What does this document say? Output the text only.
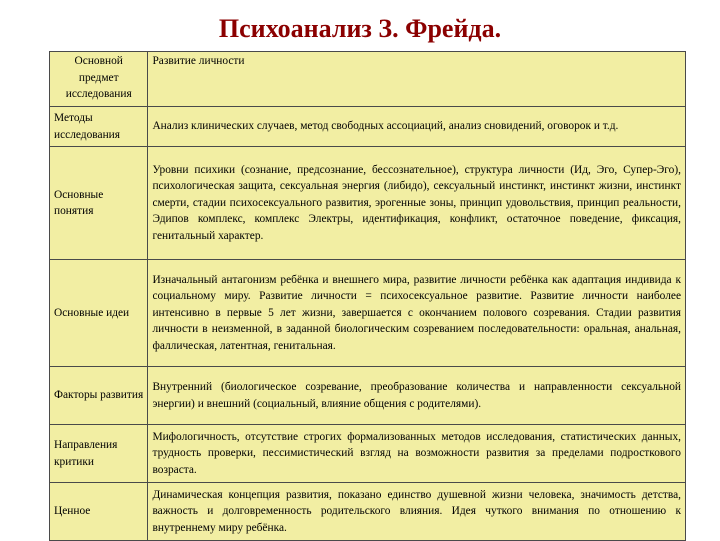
Психоанализ З. Фрейда.
Основной предмет исследования	Развитие личности
Методы исследования	Анализ клинических случаев, метод свободных ассоциаций, анализ сновидений, оговорок и т.д.
Основные понятия	Уровни психики (сознание, предсознание, бессознательное), структура личности (Ид, Эго, Супер-Эго), психологическая защита, сексуальная энергия (либидо), сексуальный инстинкт, инстинкт жизни, инстинкт смерти, стадии психосексуального развития, эрогенные зоны, принцип удовольствия, принцип реальности, Эдипов комплекс, комплекс Электры, идентификация, конфликт, остаточное поведение, фиксация, генитальный характер.
Основные идеи	Изначальный антагонизм ребёнка и внешнего мира, развитие личности ребёнка как адаптация индивида к социальному миру. Развитие личности = психосексуальное развитие. Развитие личности наиболее интенсивно в первые 5 лет жизни, завершается с окончанием полового созревания. Стадии развития личности в неизменной, в заданной биологическим созреванием последовательности: оральная, анальная, фаллическая, латентная, генитальная.
Факторы развития	Внутренний (биологическое созревание, преобразование количества и направленности сексуальной энергии) и внешний (социальный, влияние общения с родителями).
Направления критики	Мифологичность, отсутствие строгих формализованных методов исследования, статистических данных, трудность проверки, пессимистический взгляд на возможности развития за пределами подросткового возраста.
Ценное	Динамическая концепция развития, показано единство душевной жизни человека, значимость детства, важность и долговременность родительского влияния. Идея чуткого внимания по отношению к внутреннему миру ребёнка.
